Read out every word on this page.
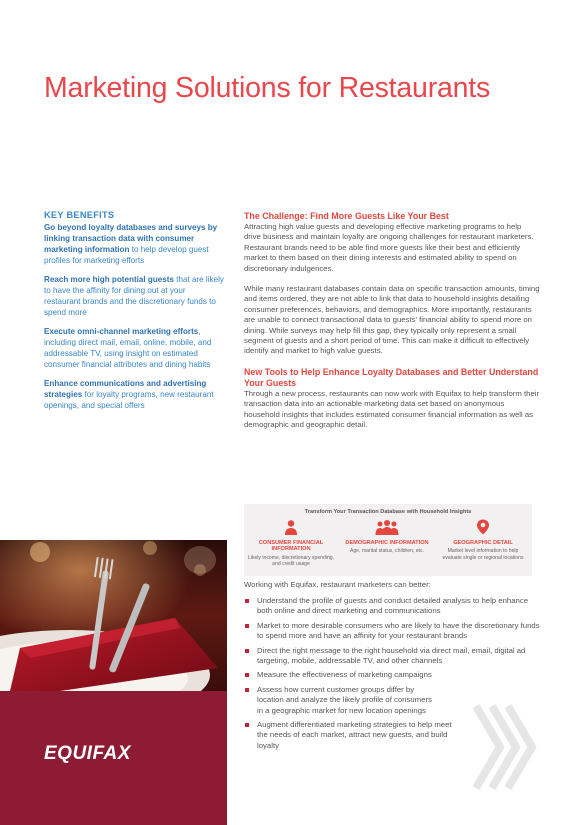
Marketing Solutions for Restaurants

KEY BENEFITS

Go beyond loyalty databases and surveys by linking transaction data with consumer marketing information to help develop guest profiles for marketing efforts

Reach more high potential guests that are likely to have the affinity for dining out at your restaurant brands and the discretionary funds to spend more

Execute omni-channel marketing efforts, including direct mail, email, online, mobile, and addressable TV, using insight on estimated consumer financial attributes and dining habits

Enhance communications and advertising strategies for loyalty programs, new restaurant openings, and special offers

EQUIFAX

The Challenge: Find More Guests Like Your Best

Attracting high value guests and developing effective marketing programs to help drive business and maintain loyalty are ongoing challenges for restaurant marketers. Restaurant brands need to be able find more guests like their best and efficiently market to them based on their dining interests and estimated ability to spend on discretionary indulgences.

While many restaurant databases contain data on specific transaction amounts, timing and items ordered, they are not able to link that data to household insights detailing consumer preferences, behaviors, and demographics. More importantly, restaurants are unable to connect transactional data to guests' financial ability to spend more on dining. While surveys may help fill this gap, they typically only represent a small segment of guests and a short period of time. This can make it difficult to effectively identify and market to high value guests.

New Tools to Help Enhance Loyalty Databases and Better Understand Your Guests

Through a new process, restaurants can now work with Equifax to help transform their transaction data into an actionable marketing data set based on anonymous household insights that includes estimated consumer financial information as well as demographic and geographic detail.

Transform Your Transaction Database with Household Insights
CONSUMER FINANCIAL INFORMATION
Likely income, discretionary spending, and credit usage
DEMOGRAPHIC INFORMATION
Age, marital status, children, etc.
GEOGRAPHIC DETAIL
Market level information to help evaluate single or regional locations

Working with Equifax, restaurant marketers can better:

Understand the profile of guests and conduct detailed analysis to help enhance both online and direct marketing and communications
Market to more desirable consumers who are likely to have the discretionary funds to spend more and have an affinity for your restaurant brands
Direct the right message to the right household via direct mail, email, digital ad targeting, mobile, addressable TV, and other channels
Measure the effectiveness of marketing campaigns
Assess how current customer groups differ by location and analyze the likely profile of consumers in a geographic market for new location openings
Augment differentiated marketing strategies to help meet the needs of each market, attract new guests, and build loyalty
